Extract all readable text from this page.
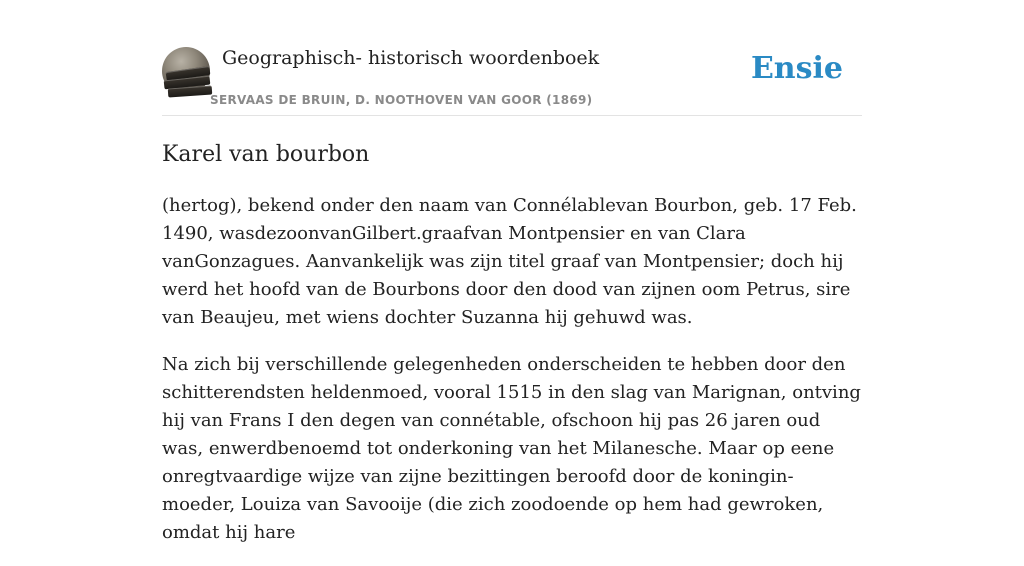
Geographisch- historisch woordenboek
SERVAAS DE BRUIN, D. NOOTHOVEN VAN GOOR (1869)
Ensie
Karel van bourbon

(hertog), bekend onder den naam van Connélablevan Bourbon, geb. 17 Feb. 1490, wasdezoonvanGilbert.graafvan Montpensier en van Clara vanGonzagues. Aanvankelijk was zijn titel graaf van Montpensier; doch hij werd het hoofd van de Bourbons door den dood van zijnen oom Petrus, sire van Beaujeu, met wiens dochter Suzanna hij gehuwd was.

Na zich bij verschillende gelegenheden onderscheiden te hebben door den schitterendsten heldenmoed, vooral 1515 in den slag van Marignan, ontving hij van Frans I den degen van connétable, ofschoon hij pas 26 jaren oud was, enwerdbenoemd tot onderkoning van het Milanesche. Maar op eene onregtvaardige wijze van zijne bezittingen beroofd door de koningin-moeder, Louiza van Savooije (die zich zoodoende op hem had gewroken, omdat hij hare
